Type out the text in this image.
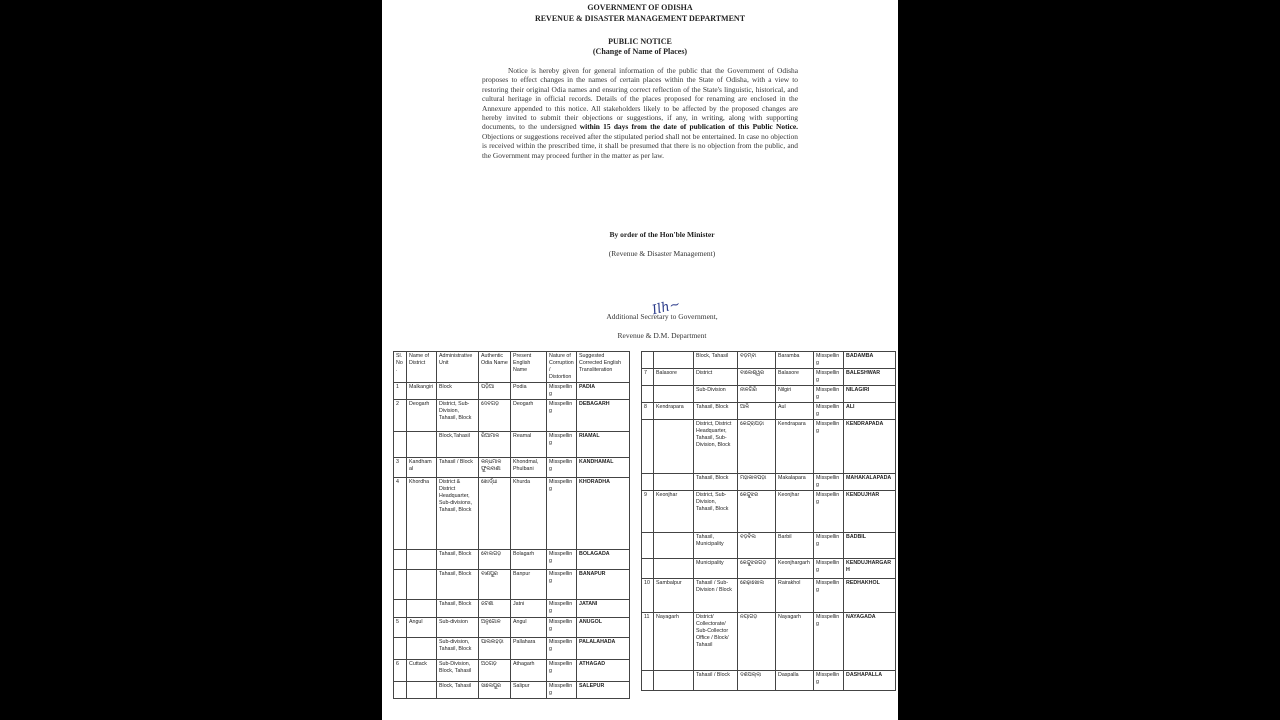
GOVERNMENT OF ODISHA
REVENUE & DISASTER MANAGEMENT DEPARTMENT
PUBLIC NOTICE
(Change of Name of Places)
Notice is hereby given for general information of the public that the Government of Odisha proposes to effect changes in the names of certain places within the State of Odisha, with a view to restoring their original Odia names and ensuring correct reflection of the State's linguistic, historical, and cultural heritage in official records. Details of the places proposed for renaming are enclosed in the Annexure appended to this notice. All stakeholders likely to be affected by the proposed changes are hereby invited to submit their objections or suggestions, if any, in writing, along with supporting documents, to the undersigned within 15 days from the date of publication of this Public Notice. Objections or suggestions received after the stipulated period shall not be entertained. In case no objection is received within the prescribed time, it shall be presumed that there is no objection from the public, and the Government may proceed further in the matter as per law.
By order of the Hon'ble Minister
(Revenue & Disaster Management)
Ilh~
Additional Secretary to Government,
Revenue & D.M. Department
Sl. No.	Name of District	Administrative Unit	Authentic Odia Name	Present English Name	Nature of Corruption / Distortion	Suggested Corrected English Transliteration
1	Malkangiri	Block	ପଡ଼ିଆ	Podia	Misspelling	PADIA
2	Deogarh	District, Sub-Division, Tahasil, Block	ଦେବଗଡ଼	Deogarh	Misspelling	DEBAGARH
		Block,Tahasil	ରିଆମାଳ	Reamal	Misspelling	RIAMAL
3	Kandhamal	Tahasil / Block	କନ୍ଧମାଳ ଫୁଲବାଣୀ	Khondmal, Phulbani	Misspelling	KANDHAMAL
4	Khordha	District & District Headquarter, Sub-divisions, Tahasil, Block	ଖୋର୍ଦ୍ଧା	Khurda	Misspelling	KHORADHA
		Tahasil, Block	ବୋଲଗଡ଼	Bolagarh	Misspelling	BOLAGADA
		Tahasil, Block	ବାଣପୁର	Banpur	Misspelling	BANAPUR
		Tahasil, Block	ଜଟଣୀ	Jatni	Misspelling	JATANI
5	Angul	Sub-division	ଅନୁଗୋଳ	Angul	Misspelling	ANUGOL
		Sub-division, Tahasil, Block	ପାଲଲହଡ଼ା	Pallahara	Misspelling	PALALAHADA
6	Cuttack	Sub-Division, Block, Tahasil	ଅଠଗଡ଼	Athagarh	Misspelling	ATHAGAD
		Block, Tahasil	ସାଲେପୁର	Salipur	Misspelling	SALEPUR
		Block, Tahasil	ବଡ଼ମ୍ବା	Baramba	Misspelling	BADAMBA
7	Balasore	District	ବାଲେଶ୍ୱର	Balasore	Misspelling	BALESHWAR
		Sub-Division	ନୀଳଗିରି	Nilgiri	Misspelling	NILAGIRI
8	Kendrapara	Tahasil, Block	ଆଳି	Aul	Misspelling	ALI
		District, District Headquarter, Tahasil, Sub-Division, Block	କେନ୍ଦ୍ରାପଡ଼ା	Kendrapara	Misspelling	KENDRAPADA
		Tahasil, Block	ମହାକାଳପଡ଼ା	Makalapara	Misspelling	MAHAKALAPADA
9	Keonjhar	District, Sub-Division, Tahasil, Block	କେନ୍ଦୁଝର	Keonjhar	Misspelling	KENDUJHAR
		Tahasil, Municipality	ବଡ଼ବିଲ	Barbil	Misspelling	BADBIL
		Municipality	କେନ୍ଦୁଝରଗଡ଼	Keonjhargarh	Misspelling	KENDUJHARGARH
10	Sambalpur	Tahasil / Sub-Division / Block	ରେଢ଼ାଖୋଲ	Rairakhol	Misspelling	REDHAKHOL
11	Nayagarh	District/ Collectorate/ Sub-Collector Office / Block/ Tahasil	ନୟାଗଡ଼	Nayagarh	Misspelling	NAYAGADA
		Tahasil / Block	ଦଶପଲ୍ଲା	Daspalla	Misspelling	DASHAPALLA
